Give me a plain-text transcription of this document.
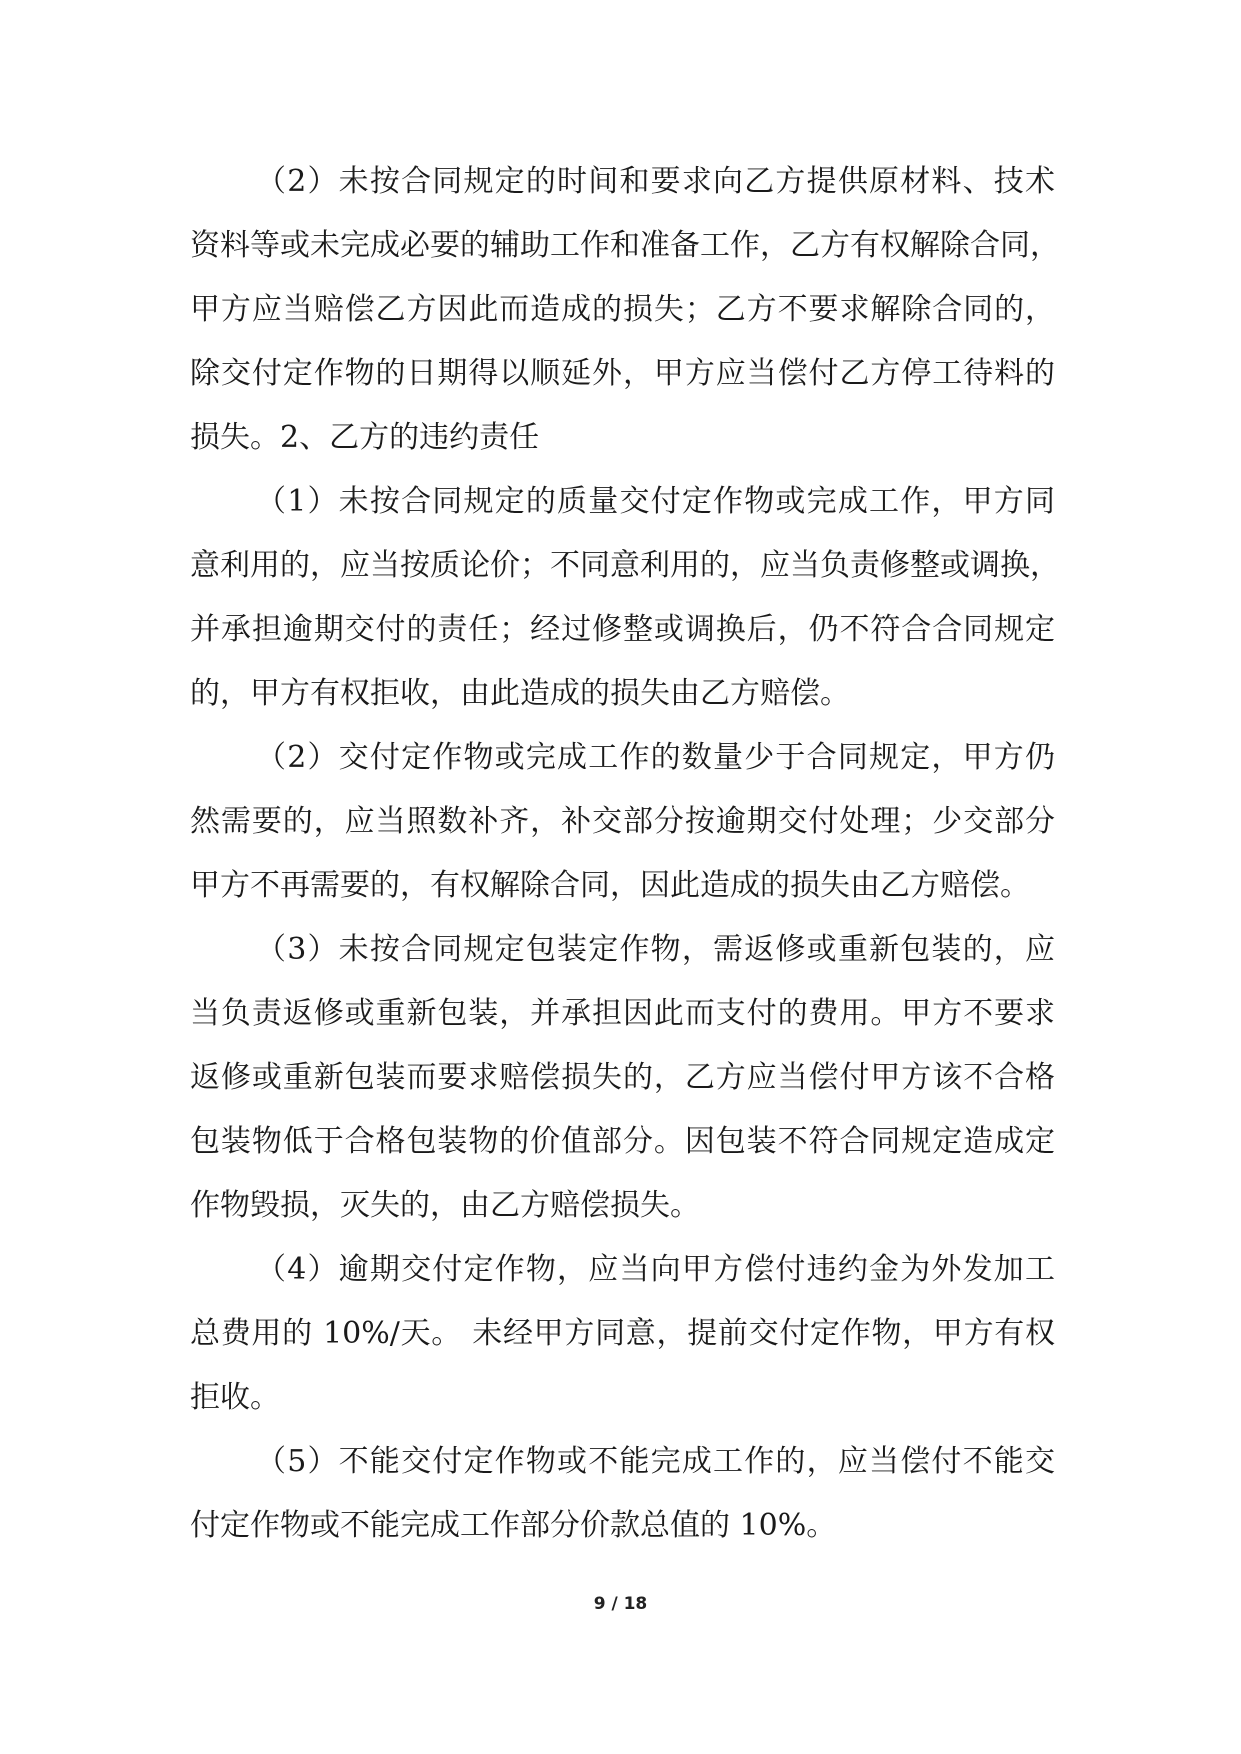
（2）未按合同规定的时间和要求向乙方提供原材料、技术
资料等或未完成必要的辅助工作和准备工作，乙方有权解除合同，
甲方应当赔偿乙方因此而造成的损失；乙方不要求解除合同的，
除交付定作物的日期得以顺延外，甲方应当偿付乙方停工待料的
损失。2、乙方的违约责任
（1）未按合同规定的质量交付定作物或完成工作，甲方同
意利用的，应当按质论价；不同意利用的，应当负责修整或调换，
并承担逾期交付的责任；经过修整或调换后，仍不符合合同规定
的，甲方有权拒收，由此造成的损失由乙方赔偿。
（2）交付定作物或完成工作的数量少于合同规定，甲方仍
然需要的，应当照数补齐，补交部分按逾期交付处理；少交部分
甲方不再需要的，有权解除合同，因此造成的损失由乙方赔偿。
（3）未按合同规定包装定作物，需返修或重新包装的，应
当负责返修或重新包装，并承担因此而支付的费用。甲方不要求
返修或重新包装而要求赔偿损失的，乙方应当偿付甲方该不合格
包装物低于合格包装物的价值部分。因包装不符合同规定造成定
作物毁损，灭失的，由乙方赔偿损失。
（4）逾期交付定作物，应当向甲方偿付违约金为外发加工
总费用的 10%/天。 未经甲方同意，提前交付定作物，甲方有权
拒收。
（5）不能交付定作物或不能完成工作的，应当偿付不能交
付定作物或不能完成工作部分价款总值的 10%。
9 / 18
